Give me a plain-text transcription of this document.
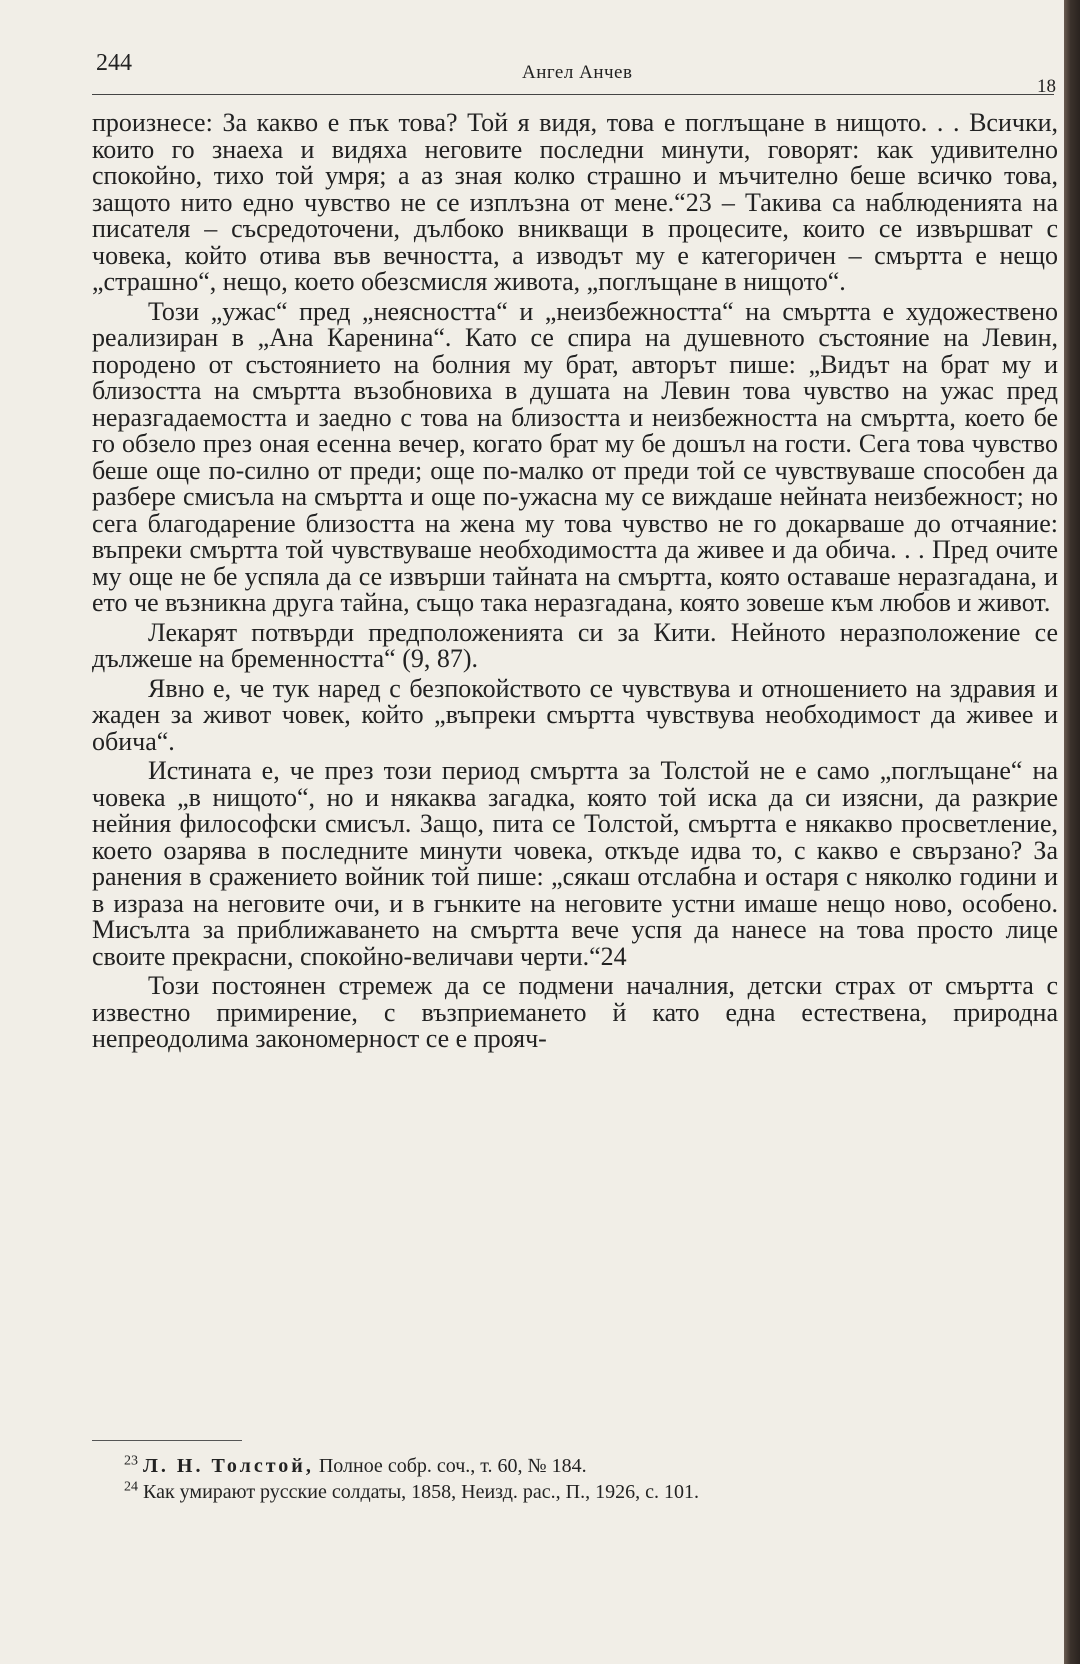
244	Ангел Анчев
18

произнесе: За какво е пък това? Той я видя, това е поглъщане в нищото. . . Всички, които го знаеха и видяха неговите последни минути, говорят: как удивително спокойно, тихо той умря; а аз зная колко страшно и мъчително беше всичко това, защото нито едно чувство не се изплъзна от мене.“23 – Такива са наблюденията на писателя – съсредоточени, дълбоко вникващи в процесите, които се извършват с човека, който отива във вечността, а изводът му е категоричен – смъртта е нещо „страшно“, нещо, което обезсмисля живота, „поглъщане в нищото“.

Този „ужас“ пред „неясността“ и „неизбежността“ на смъртта е художествено реализиран в „Ана Каренина“. Като се спира на душевното състояние на Левин, породено от състоянието на болния му брат, авторът пише: „Видът на брат му и близостта на смъртта възобновиха в душата на Левин това чувство на ужас пред неразгадаемостта и заедно с това на близостта и неизбежността на смъртта, което бе го обзело през оная есенна вечер, когато брат му бе дошъл на гости. Сега това чувство беше още по-силно от преди; още по-малко от преди той се чувствуваше способен да разбере смисъла на смъртта и още по-ужасна му се виждаше нейната неизбежност; но сега благодарение близостта на жена му това чувство не го докарваше до отчаяние: въпреки смъртта той чувствуваше необходимостта да живее и да обича. . . Пред очите му още не бе успяла да се извърши тайната на смъртта, която оставаше неразгадана, и ето че възникна друга тайна, също така неразгадана, която зовеше към любов и живот.

Лекарят потвърди предположенията си за Кити. Нейното неразположение се дължеше на бременността“ (9, 87).

Явно е, че тук наред с безпокойството се чувствува и отношението на здравия и жаден за живот човек, който „въпреки смъртта чувствува необходимост да живее и обича“.

Истината е, че през този период смъртта за Толстой не е само „поглъщане“ на човека „в нищото“, но и някаква загадка, която той иска да си изясни, да разкрие нейния философски смисъл. Защо, пита се Толстой, смъртта е някакво просветление, което озарява в последните минути човека, откъде идва то, с какво е свързано? За ранения в сражението войник той пише: „сякаш отслабна и остаря с няколко години и в израза на неговите очи, и в гънките на неговите устни имаше нещо ново, особено. Мисълта за приближаването на смъртта вече успя да нанесе на това просто лице своите прекрасни, спокойно-величави черти.“24

Този постоянен стремеж да се подмени началния, детски страх от смъртта с известно примирение, с възприемането й като една естествена, природна непреодолима закономерност се е прояч-

$^{23}$ Л. Н. Толстой, Полное собр. соч., т. 60, № 184.
$^{24}$ Как умирают русские солдаты, 1858, Неизд. рас., П., 1926, с. 101.
